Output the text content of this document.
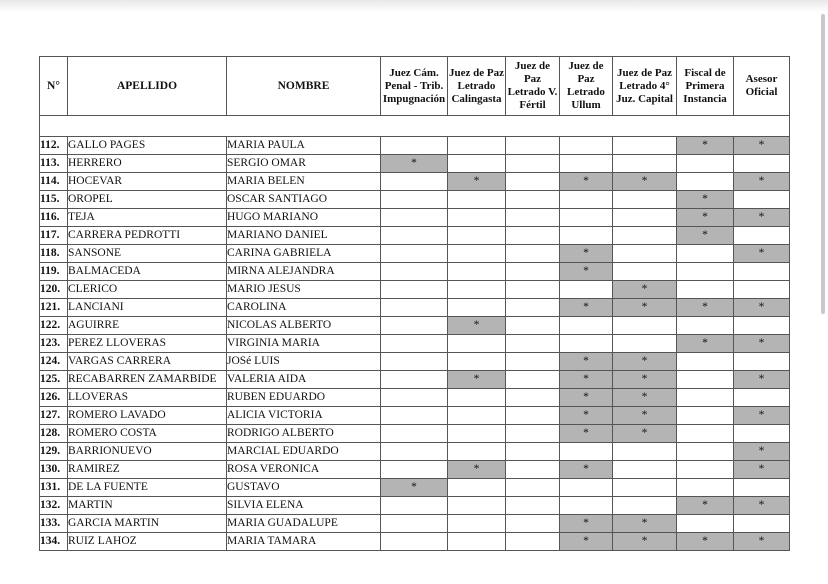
N°	APELLIDO	NOMBRE	Juez Cám. Penal - Trib. Impugnación	Juez de Paz Letrado Calingasta	Juez de Paz Letrado V. Fértil	Juez de Paz Letrado Ullum	Juez de Paz Letrado 4° Juz. Capital	Fiscal de Primera Instancia	Asesor Oficial

112.	GALLO PAGES	MARIA PAULA						*	*
113.	HERRERO	SERGIO OMAR	*						
114.	HOCEVAR	MARIA BELEN		*		*	*		*
115.	OROPEL	OSCAR SANTIAGO						*	
116.	TEJA	HUGO MARIANO						*	*
117.	CARRERA PEDROTTI	MARIANO DANIEL						*	
118.	SANSONE	CARINA GABRIELA				*			*
119.	BALMACEDA	MIRNA ALEJANDRA				*			
120.	CLERICO	MARIO JESUS					*		
121.	LANCIANI	CAROLINA				*	*	*	*
122.	AGUIRRE	NICOLAS ALBERTO		*					
123.	PEREZ LLOVERAS	VIRGINIA MARIA						*	*
124.	VARGAS CARRERA	JOSé LUIS				*	*		
125.	RECABARREN ZAMARBIDE	VALERIA AIDA		*		*	*		*
126.	LLOVERAS	RUBEN EDUARDO				*	*		
127.	ROMERO LAVADO	ALICIA VICTORIA				*	*		*
128.	ROMERO COSTA	RODRIGO ALBERTO				*	*		
129.	BARRIONUEVO	MARCIAL EDUARDO							*
130.	RAMIREZ	ROSA VERONICA		*		*			*
131.	DE LA FUENTE	GUSTAVO	*						
132.	MARTIN	SILVIA ELENA						*	*
133.	GARCIA MARTIN	MARIA GUADALUPE				*	*		
134.	RUIZ LAHOZ	MARIA TAMARA				*	*	*	*
